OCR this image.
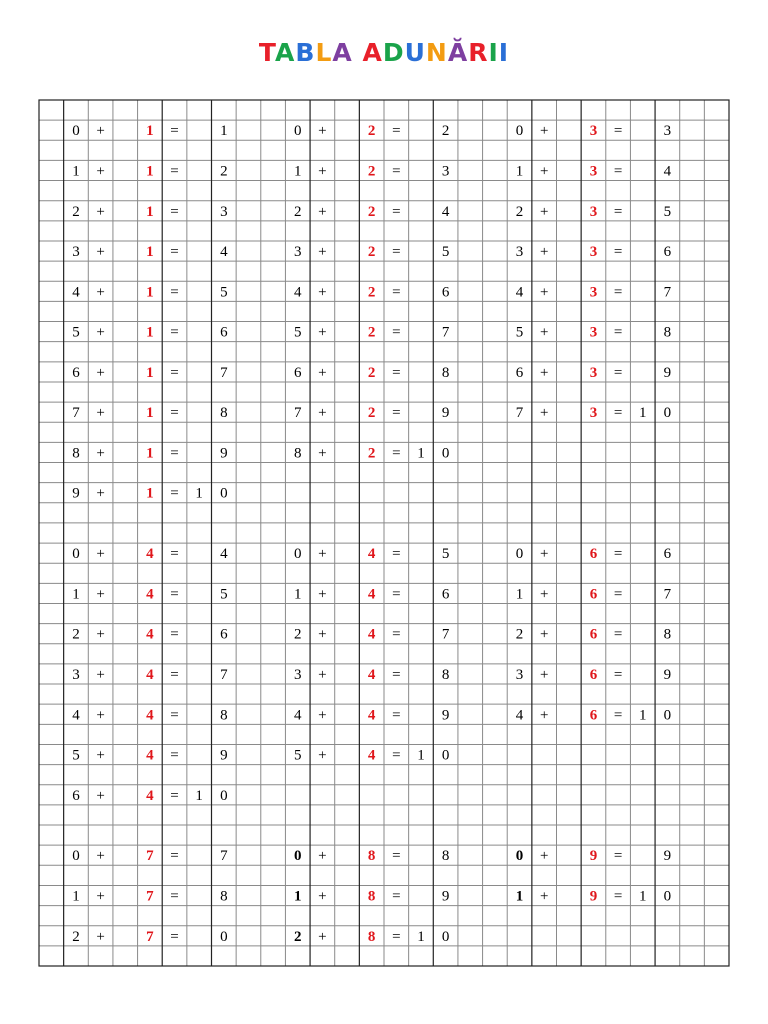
TABLA ADUNĂRII
0 +	1 =	1
1 +	1 =	2
2 +	1 =	3
3 +	1 =	4
4 +	1 =	5
5 +	1 =	6
6 +	1 =	7
7 +	1 =	8
8 +	1 =	9
9 +	1 = 1 0
0 +	2 =	2
1 +	2 =	3
2 +	2 =	4
3 +	2 =	5
4 +	2 =	6
5 +	2 =	7
6 +	2 =	8
7 +	2 =	9
8 +	2 = 1 0
0 +	3 =	3
1 +	3 =	4
2 +	3 =	5
3 +	3 =	6
4 +	3 =	7
5 +	3 =	8
6 +	3 =	9
7 +	3 = 1 0
0 +	4 =	4
1 +	4 =	5
2 +	4 =	6
3 +	4 =	7
4 +	4 =	8
5 +	4 =	9
6 +	4 = 1 0
0 +	4 =	5
1 +	4 =	6
2 +	4 =	7
3 +	4 =	8
4 +	4 =	9
5 +	4 = 1 0
0 +	6 =	6
1 +	6 =	7
2 +	6 =	8
3 +	6 =	9
4 +	6 = 1 0
0 +	7 =	7
1 +	7 =	8
2 +	7 =	0
0 +	8 =	8
1 +	8 =	9
2 +	8 = 1 0
0 +	9 =	9
1 +	9 = 1 0
